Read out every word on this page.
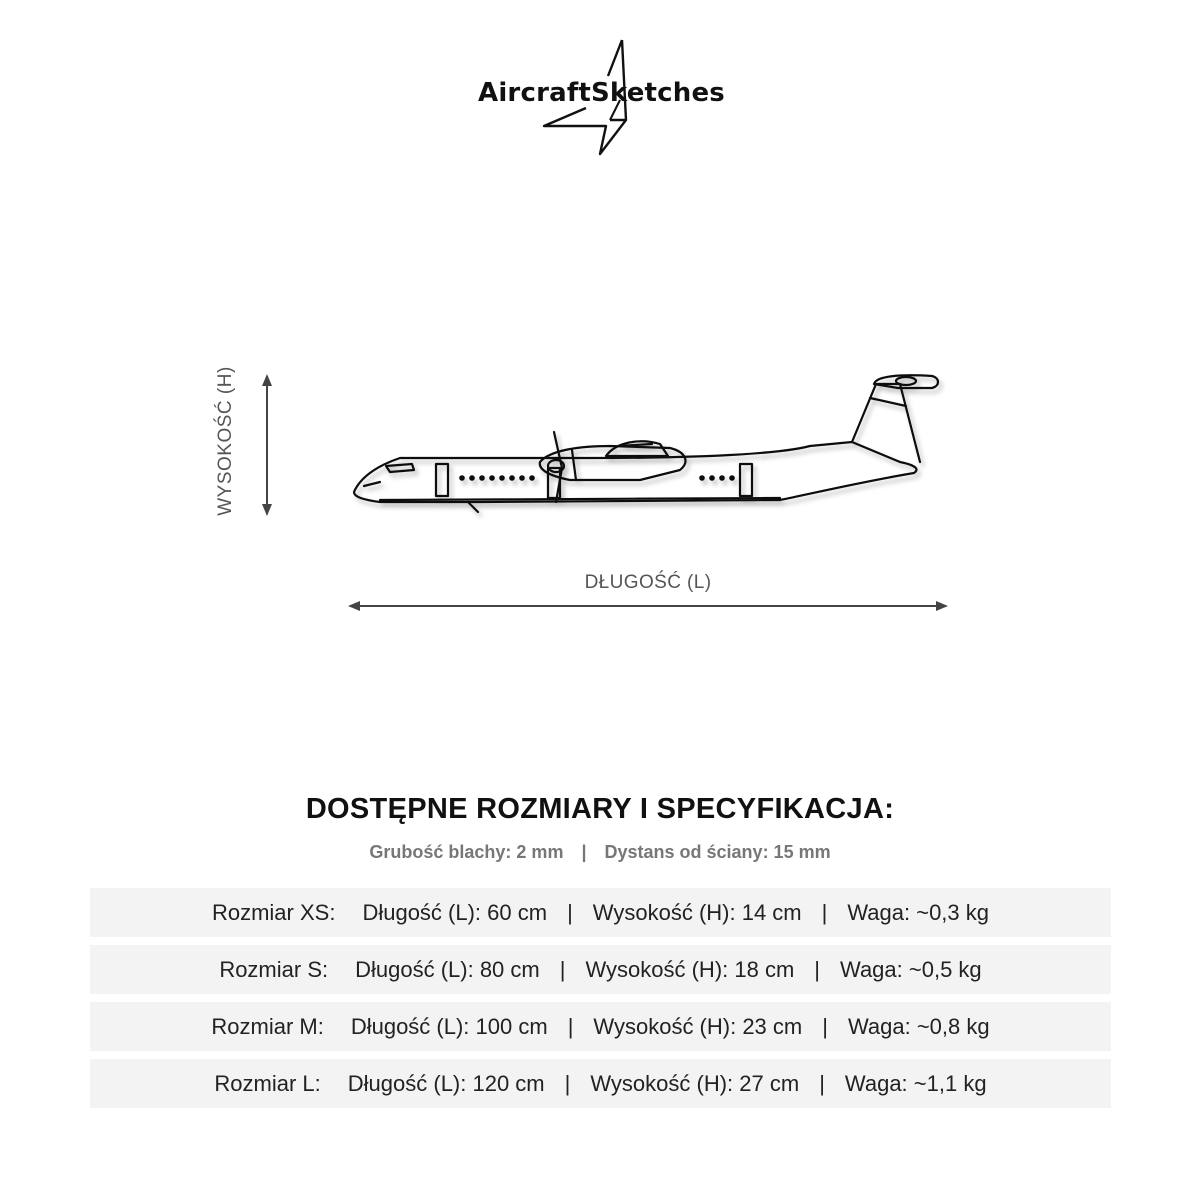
AircraftSketches
WYSOKOŚĆ (H)
DŁUGOŚĆ (L)
DOSTĘPNE ROZMIARY I SPECYFIKACJA:
Grubość blachy: 2 mm | Dystans od ściany: 15 mm
Rozmiar XS: Długość (L): 60 cm | Wysokość (H): 14 cm | Waga: ~0,3 kg
Rozmiar S: Długość (L): 80 cm | Wysokość (H): 18 cm | Waga: ~0,5 kg
Rozmiar M: Długość (L): 100 cm | Wysokość (H): 23 cm | Waga: ~0,8 kg
Rozmiar L: Długość (L): 120 cm | Wysokość (H): 27 cm | Waga: ~1,1 kg
